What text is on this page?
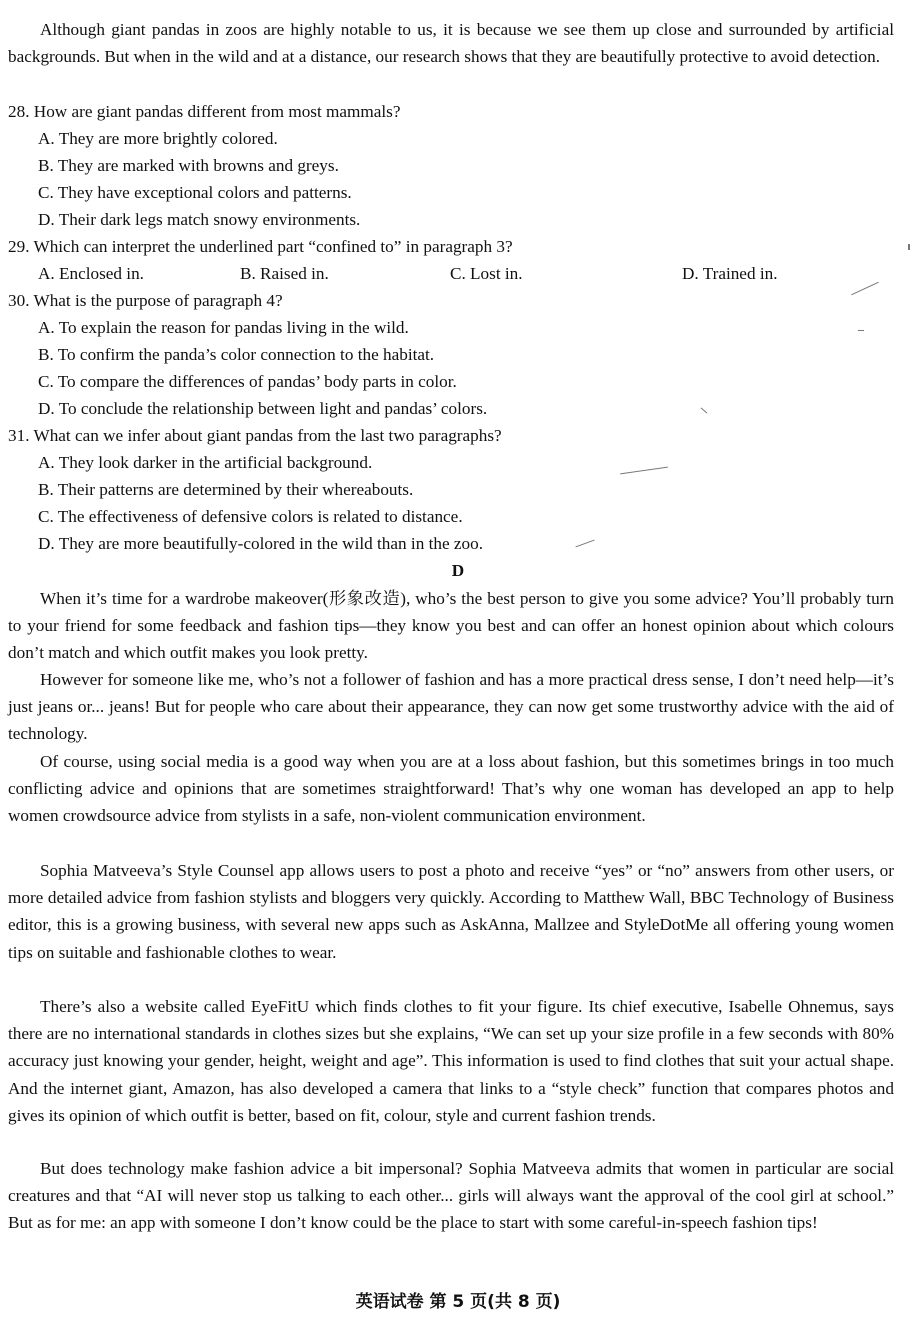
Although giant pandas in zoos are highly notable to us, it is because we see them up close and surrounded by artificial backgrounds. But when in the wild and at a distance, our research shows that they are beautifully protective to avoid detection.

28. How are giant pandas different from most mammals?

A. They are more brightly colored.

B. They are marked with browns and greys.

C. They have exceptional colors and patterns.

D. Their dark legs match snowy environments.

29. Which can interpret the underlined part “confined to” in paragraph 3?

A. Enclosed in.	B. Raised in.	C. Lost in.	D. Trained in.

30. What is the purpose of paragraph 4?

A. To explain the reason for pandas living in the wild.

B. To confirm the panda’s color connection to the habitat.

C. To compare the differences of pandas’ body parts in color.

D. To conclude the relationship between light and pandas’ colors.

31. What can we infer about giant pandas from the last two paragraphs?

A. They look darker in the artificial background.

B. Their patterns are determined by their whereabouts.

C. The effectiveness of defensive colors is related to distance.

D. They are more beautifully-colored in the wild than in the zoo.

D

When it’s time for a wardrobe makeover(形象改造), who’s the best person to give you some advice? You’ll probably turn to your friend for some feedback and fashion tips—they know you best and can offer an honest opinion about which colours don’t match and which outfit makes you look pretty.

However for someone like me, who’s not a follower of fashion and has a more practical dress sense, I don’t need help—it’s just jeans or... jeans! But for people who care about their appearance, they can now get some trustworthy advice with the aid of technology.

Of course, using social media is a good way when you are at a loss about fashion, but this sometimes brings in too much conflicting advice and opinions that are sometimes straightforward! That’s why one woman has developed an app to help women crowdsource advice from stylists in a safe, non-violent communication environment.

Sophia Matveeva’s Style Counsel app allows users to post a photo and receive “yes” or “no” answers from other users, or more detailed advice from fashion stylists and bloggers very quickly. According to Matthew Wall, BBC Technology of Business editor, this is a growing business, with several new apps such as AskAnna, Mallzee and StyleDotMe all offering young women tips on suitable and fashionable clothes to wear.

There’s also a website called EyeFitU which finds clothes to fit your figure. Its chief executive, Isabelle Ohnemus, says there are no international standards in clothes sizes but she explains, “We can set up your size profile in a few seconds with 80% accuracy just knowing your gender, height, weight and age”. This information is used to find clothes that suit your actual shape. And the internet giant, Amazon, has also developed a camera that links to a “style check” function that compares photos and gives its opinion of which outfit is better, based on fit, colour, style and current fashion trends.

But does technology make fashion advice a bit impersonal? Sophia Matveeva admits that women in particular are social creatures and that “AI will never stop us talking to each other... girls will always want the approval of the cool girl at school.” But as for me: an app with someone I don’t know could be the place to start with some careful-in-speech fashion tips!

英语试卷 第 5 页(共 8 页)
